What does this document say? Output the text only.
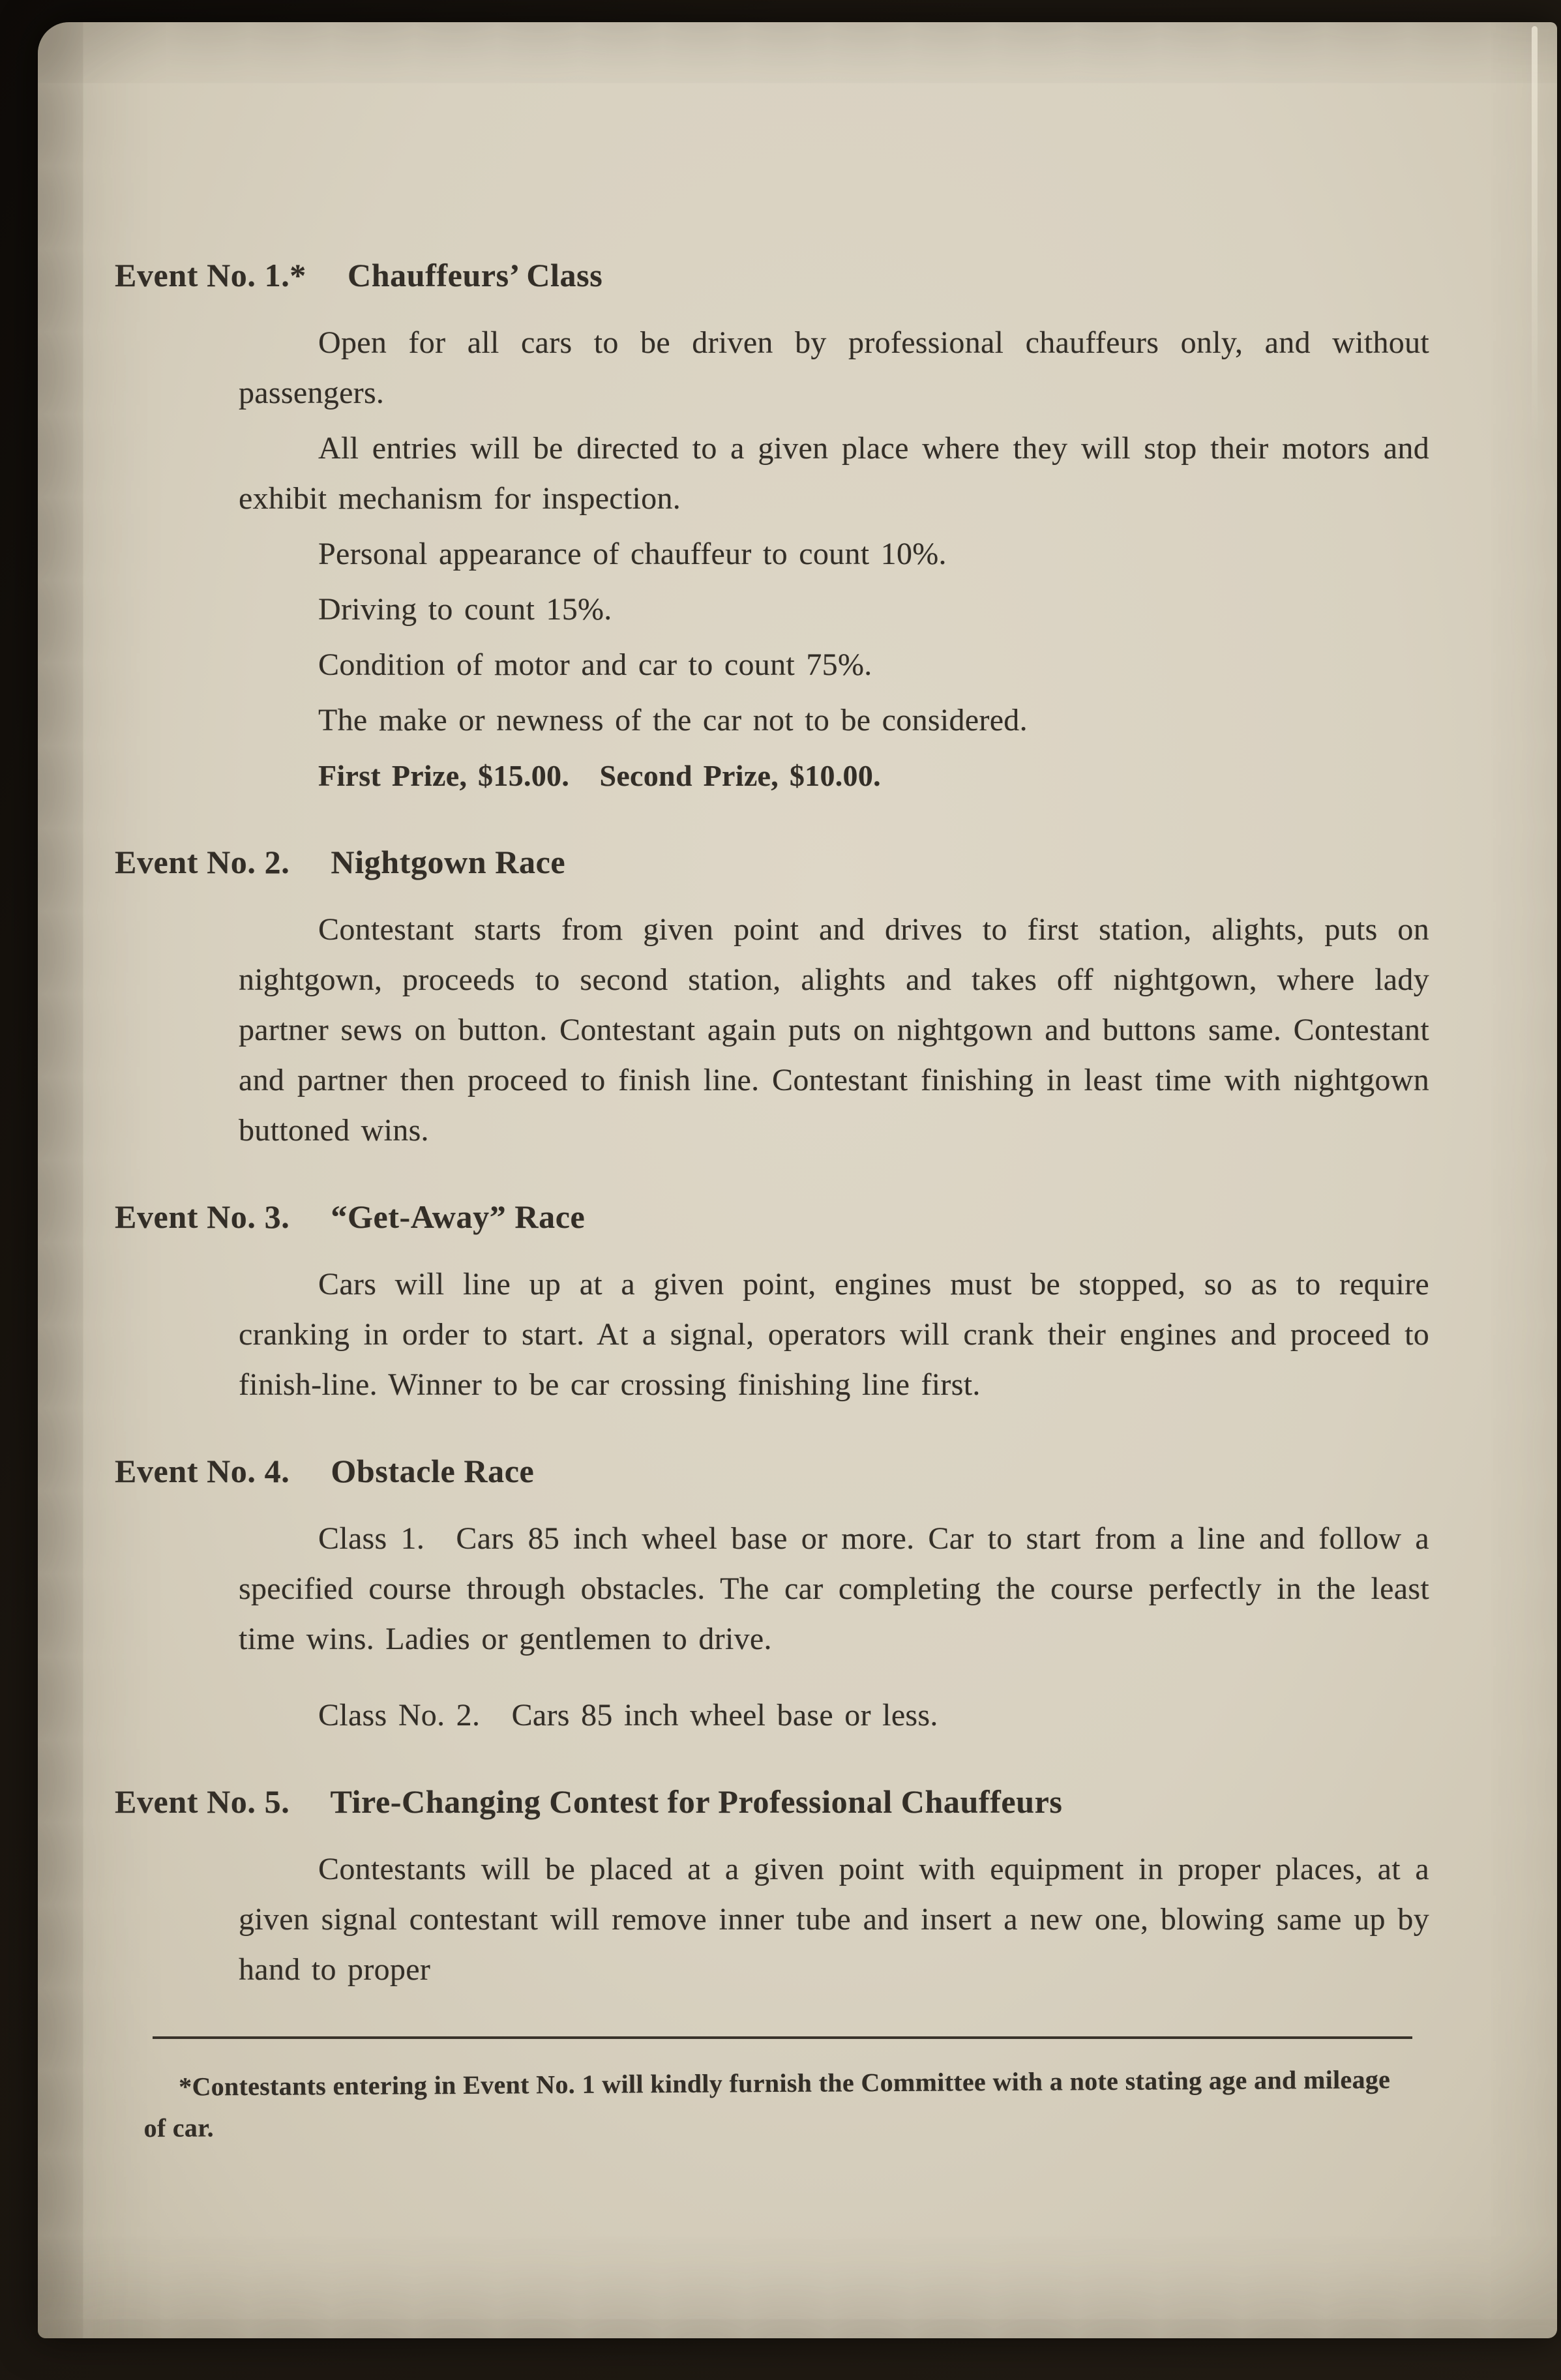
Event No. 1.* Chauffeurs’ Class

Open for all cars to be driven by professional chauffeurs only, and without passengers.

All entries will be directed to a given place where they will stop their motors and exhibit mechanism for inspection.

Personal appearance of chauffeur to count 10%.

Driving to count 15%.

Condition of motor and car to count 75%.

The make or newness of the car not to be considered.

First Prize, $15.00. Second Prize, $10.00.

Event No. 2. Nightgown Race

Contestant starts from given point and drives to first station, alights, puts on nightgown, proceeds to second station, alights and takes off nightgown, where lady partner sews on button. Contestant again puts on nightgown and buttons same. Contestant and partner then proceed to finish line. Contestant finishing in least time with nightgown buttoned wins.

Event No. 3. “Get-Away” Race

Cars will line up at a given point, engines must be stopped, so as to require cranking in order to start. At a signal, operators will crank their engines and proceed to finish-line. Winner to be car crossing finishing line first.

Event No. 4. Obstacle Race

Class 1. Cars 85 inch wheel base or more. Car to start from a line and follow a specified course through obstacles. The car completing the course perfectly in the least time wins. Ladies or gentlemen to drive.

Class No. 2. Cars 85 inch wheel base or less.

Event No. 5. Tire-Changing Contest for Professional Chauffeurs

Contestants will be placed at a given point with equipment in proper places, at a given signal contestant will remove inner tube and insert a new one, blowing same up by hand to proper

*Contestants entering in Event No. 1 will kindly furnish the Committee with a note stating age and mileage of car.
